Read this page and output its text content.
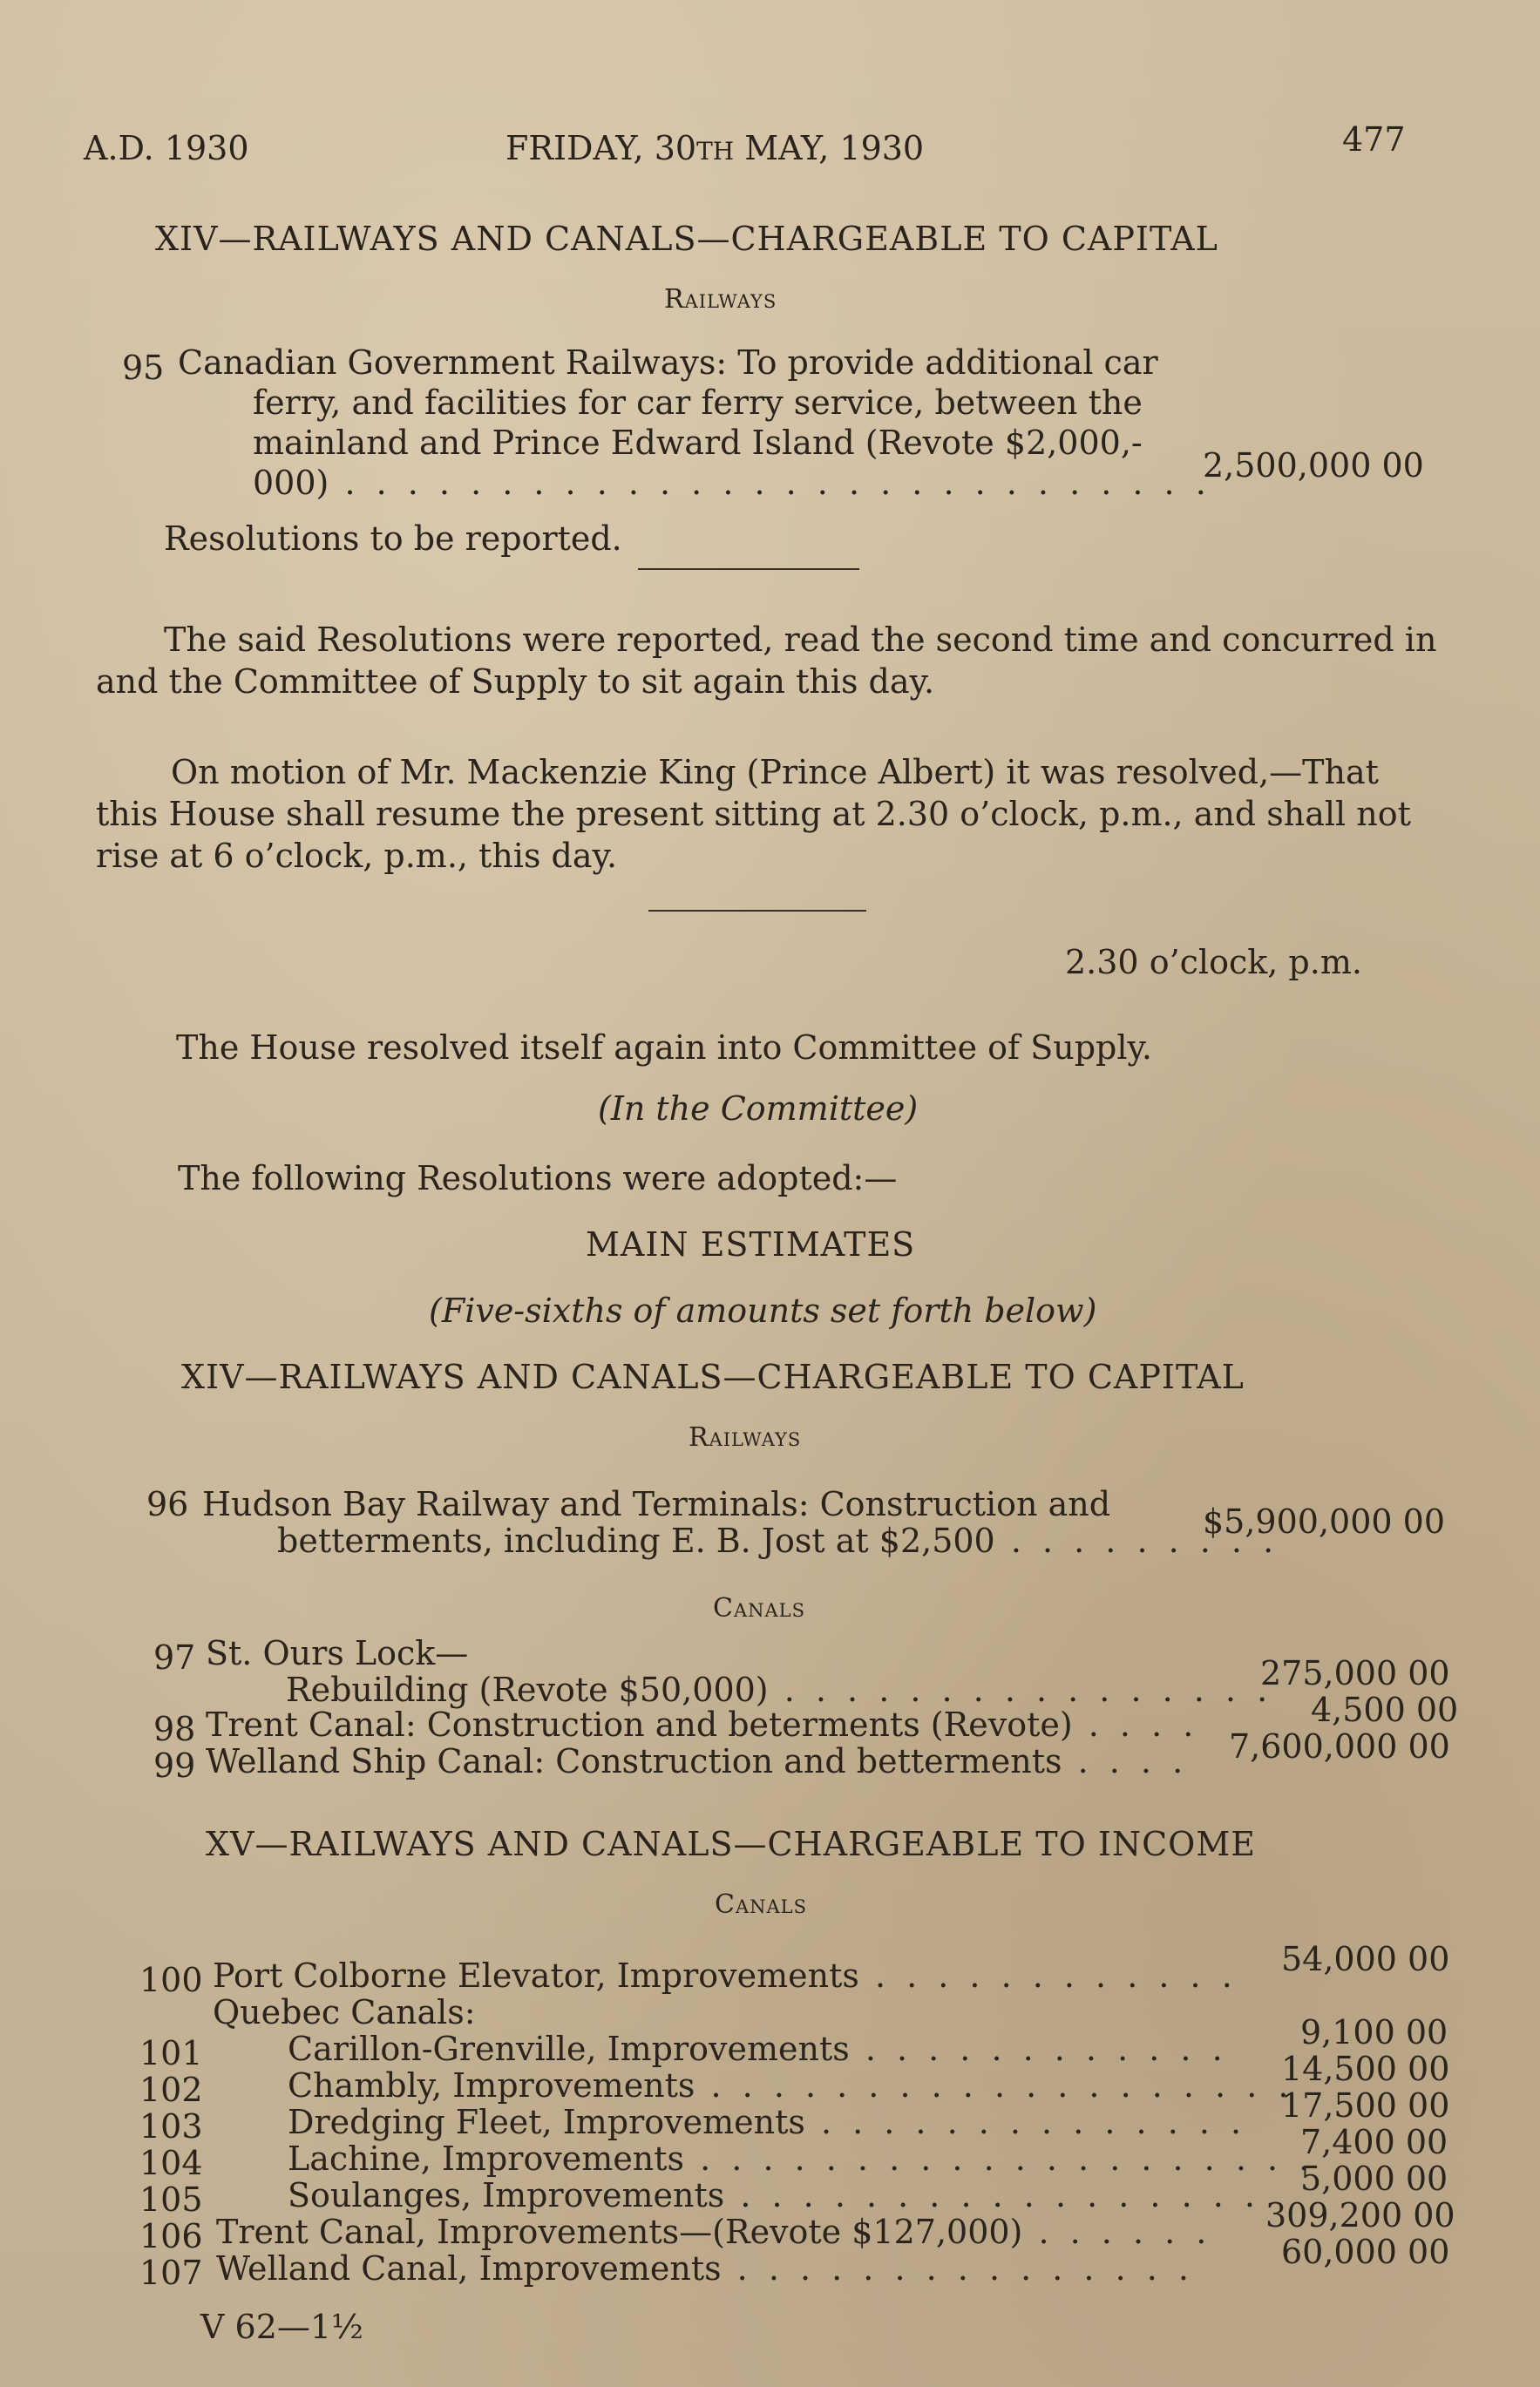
A.D. 1930	FRIDAY, 30TH MAY, 1930	477
XIV—RAILWAYS AND CANALS—CHARGEABLE TO CAPITAL
Railways
95 Canadian Government Railways: To provide additional car
ferry, and facilities for car ferry service, between the
mainland and Prince Edward Island (Revote $2,000,-
000) . . . . . . . . . . . . . . . . . . . . . . . . . . . .
2,500,000 00
Resolutions to be reported.
The said Resolutions were reported, read the second time and concurred in
and the Committee of Supply to sit again this day.
On motion of Mr. Mackenzie King (Prince Albert) it was resolved,—That
this House shall resume the present sitting at 2.30 o’clock, p.m., and shall not
rise at 6 o’clock, p.m., this day.
2.30 o’clock, p.m.
The House resolved itself again into Committee of Supply.
(In the Committee)
The following Resolutions were adopted:—
MAIN ESTIMATES
(Five-sixths of amounts set forth below)
XIV—RAILWAYS AND CANALS—CHARGEABLE TO CAPITAL
Railways
96 Hudson Bay Railway and Terminals: Construction and
betterments, including E. B. Jost at $2,500 . . . . . . . . .
$5,900,000 00
Canals
97 St. Ours Lock—
Rebuilding (Revote $50,000) . . . . . . . . . . . . . . . .
275,000 00
98 Trent Canal: Construction and beterments (Revote) . . . .	4,500 00
99 Welland Ship Canal: Construction and betterments . . . . 7,600,000 00
XV—RAILWAYS AND CANALS—CHARGEABLE TO INCOME
Canals
100 Port Colborne Elevator, Improvements . . . . . . . . . . . . 54,000 00
Quebec Canals:
101	Carillon-Grenville, Improvements . . . . . . . . . . . . 9,100 00
102	Chambly, Improvements . . . . . . . . . . . . . . . . . . .
14,500 00
103	Dredging Fleet, Improvements . . . . . . . . . . . . . . 17,500 00
104	Lachine, Improvements . . . . . . . . . . . . . . . . . . . .
7,400 00
105	Soulanges, Improvements . . . . . . . . . . . . . . . . . 5,000 00
106 Trent Canal, Improvements—(Revote $127,000) . . . . . . 309,200 00
107 Welland Canal, Improvements . . . . . . . . . . . . . . .	60,000 00
V 62—1½
